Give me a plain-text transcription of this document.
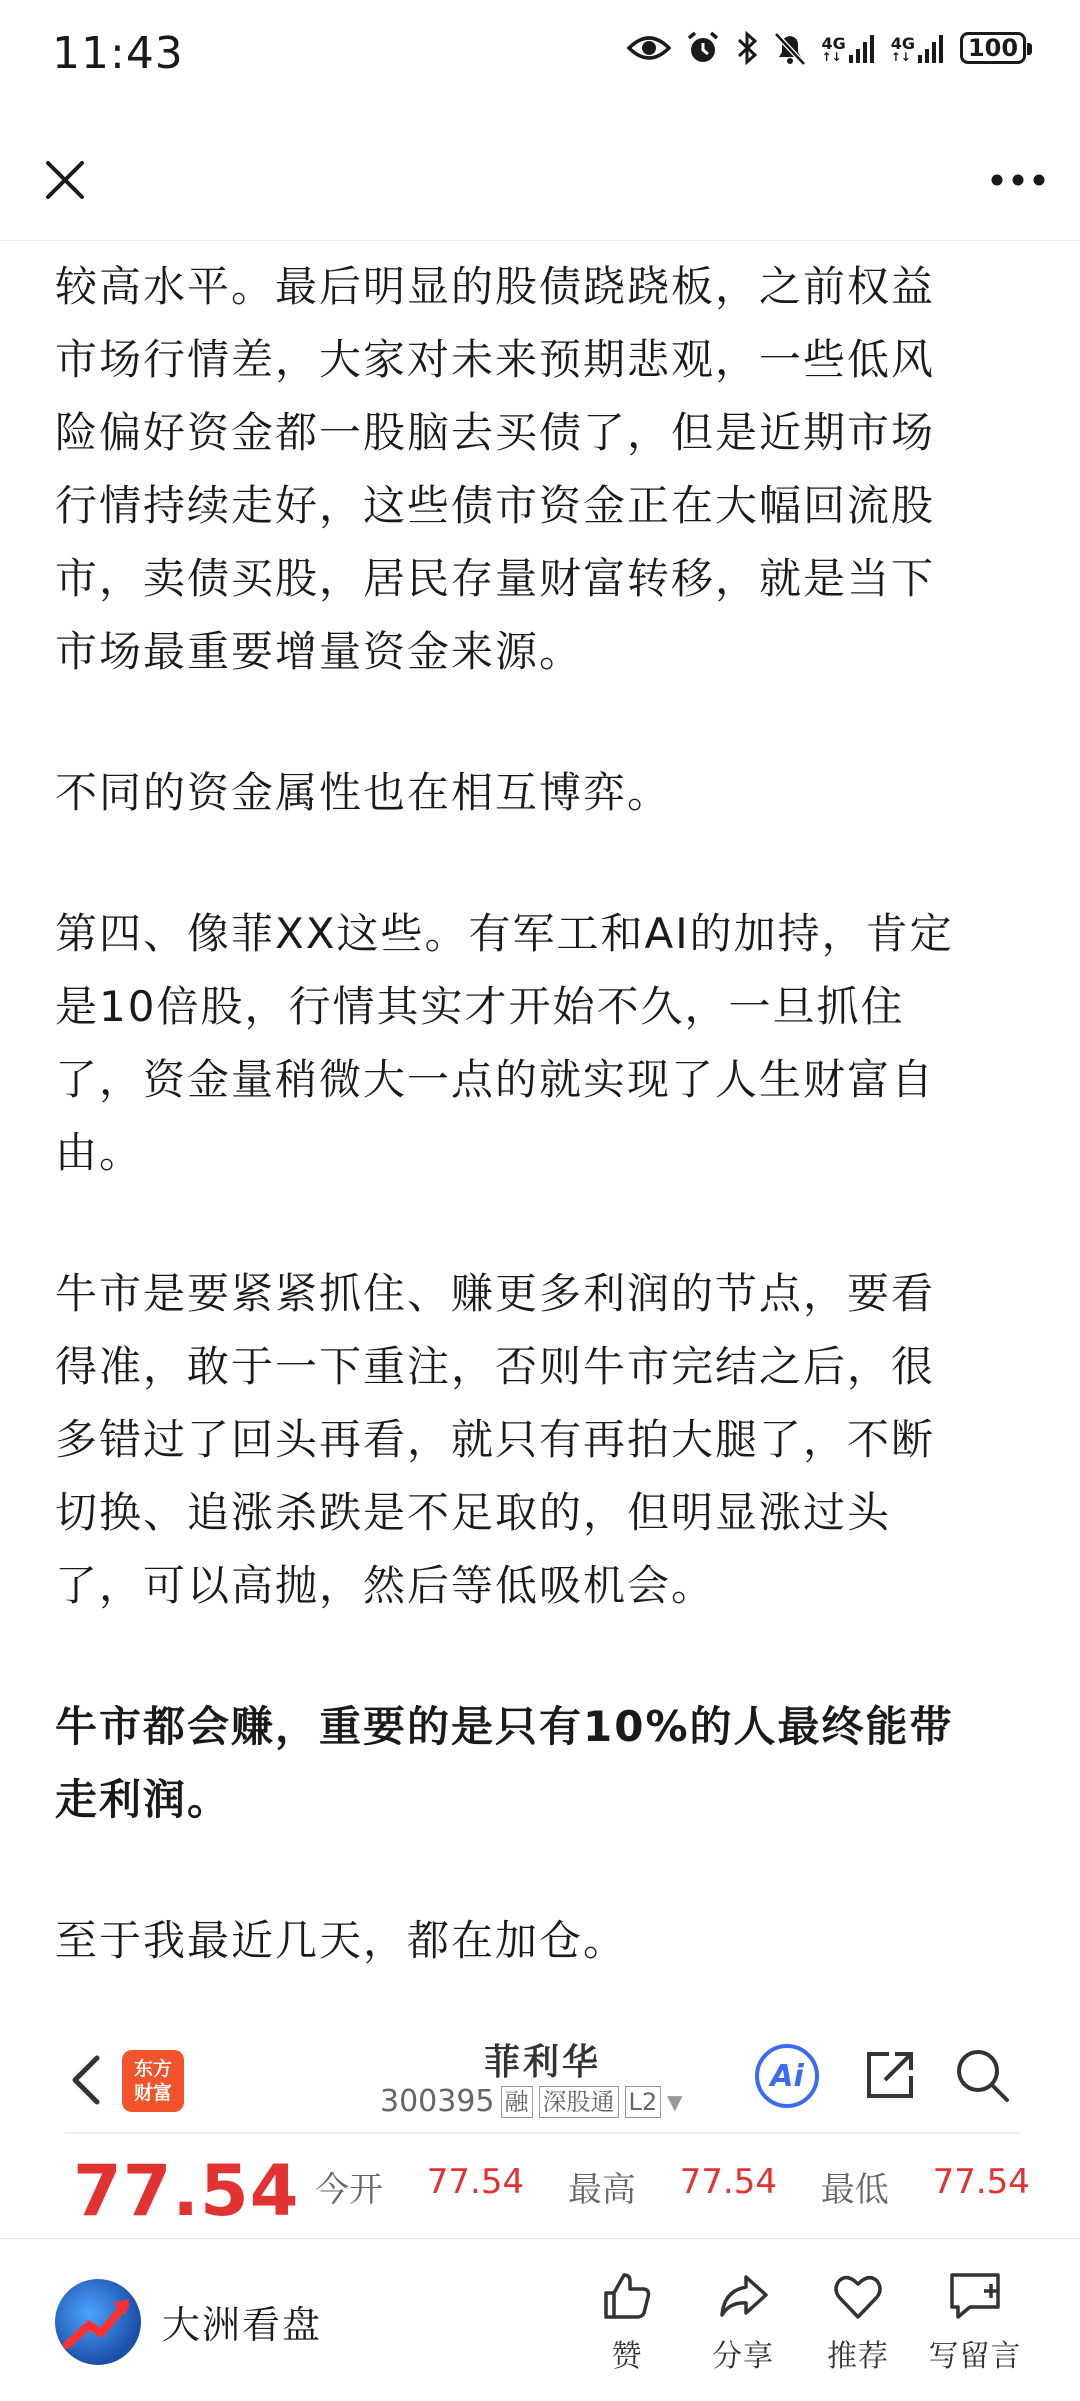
11:43	4G
↑↓
4G
↑↓ 100

较高水平。最后明显的股债跷跷板，之前权益

市场行情差，大家对未来预期悲观，一些低风

险偏好资金都一股脑去买债了，但是近期市场

行情持续走好，这些债市资金正在大幅回流股

市，卖债买股，居民存量财富转移，就是当下

市场最重要增量资金来源。

不同的资金属性也在相互博弈。

第四、像菲XX这些。有军工和AI的加持，肯定

是10倍股，行情其实才开始不久，一旦抓住

了，资金量稍微大一点的就实现了人生财富自

由。

牛市是要紧紧抓住、赚更多利润的节点，要看

得准，敢于一下重注，否则牛市完结之后，很

多错过了回头再看，就只有再拍大腿了，不断

切换、追涨杀跌是不足取的，但明显涨过头

了，可以高抛，然后等低吸机会。

牛市都会赚，重要的是只有10%的人最终能带

走利润。

至于我最近几天，都在加仓。

东方
财富
菲利华
300395 融 深股通 L2 ▼
Ai
77.54 今开 77.54 最高 77.54 最低 77.54
大洲看盘
赞 分享 推荐 写留言
